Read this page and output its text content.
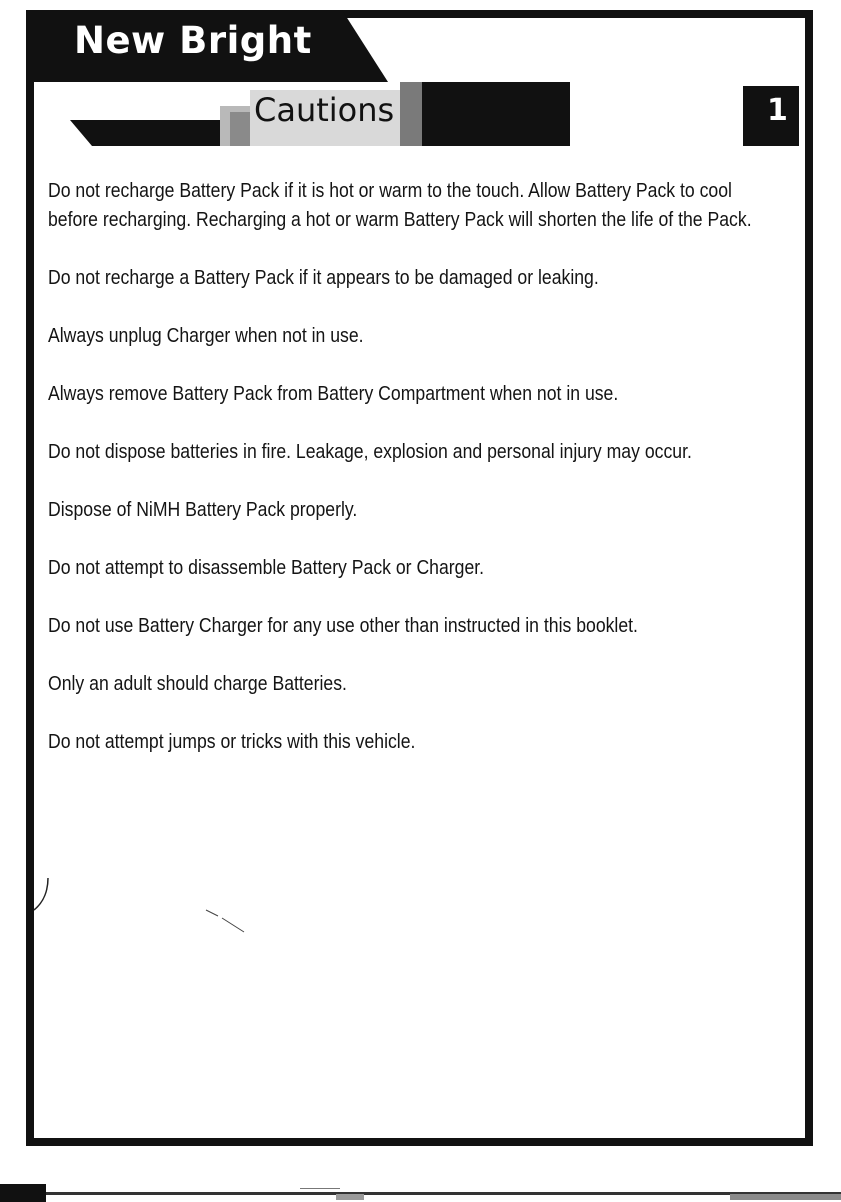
New Bright
Cautions	1
Do not recharge Battery Pack if it is hot or warm to the touch. Allow Battery Pack to cool before recharging. Recharging a hot or warm Battery Pack will shorten the life of the Pack.
Do not recharge a Battery Pack if it appears to be damaged or leaking.
Always unplug Charger when not in use.
Always remove Battery Pack from Battery Compartment when not in use.
Do not dispose batteries in fire. Leakage, explosion and personal injury may occur.
Dispose of NiMH Battery Pack properly.
Do not attempt to disassemble Battery Pack or Charger.
Do not use Battery Charger for any use other than instructed in this booklet.
Only an adult should charge Batteries.
Do not attempt jumps or tricks with this vehicle.
